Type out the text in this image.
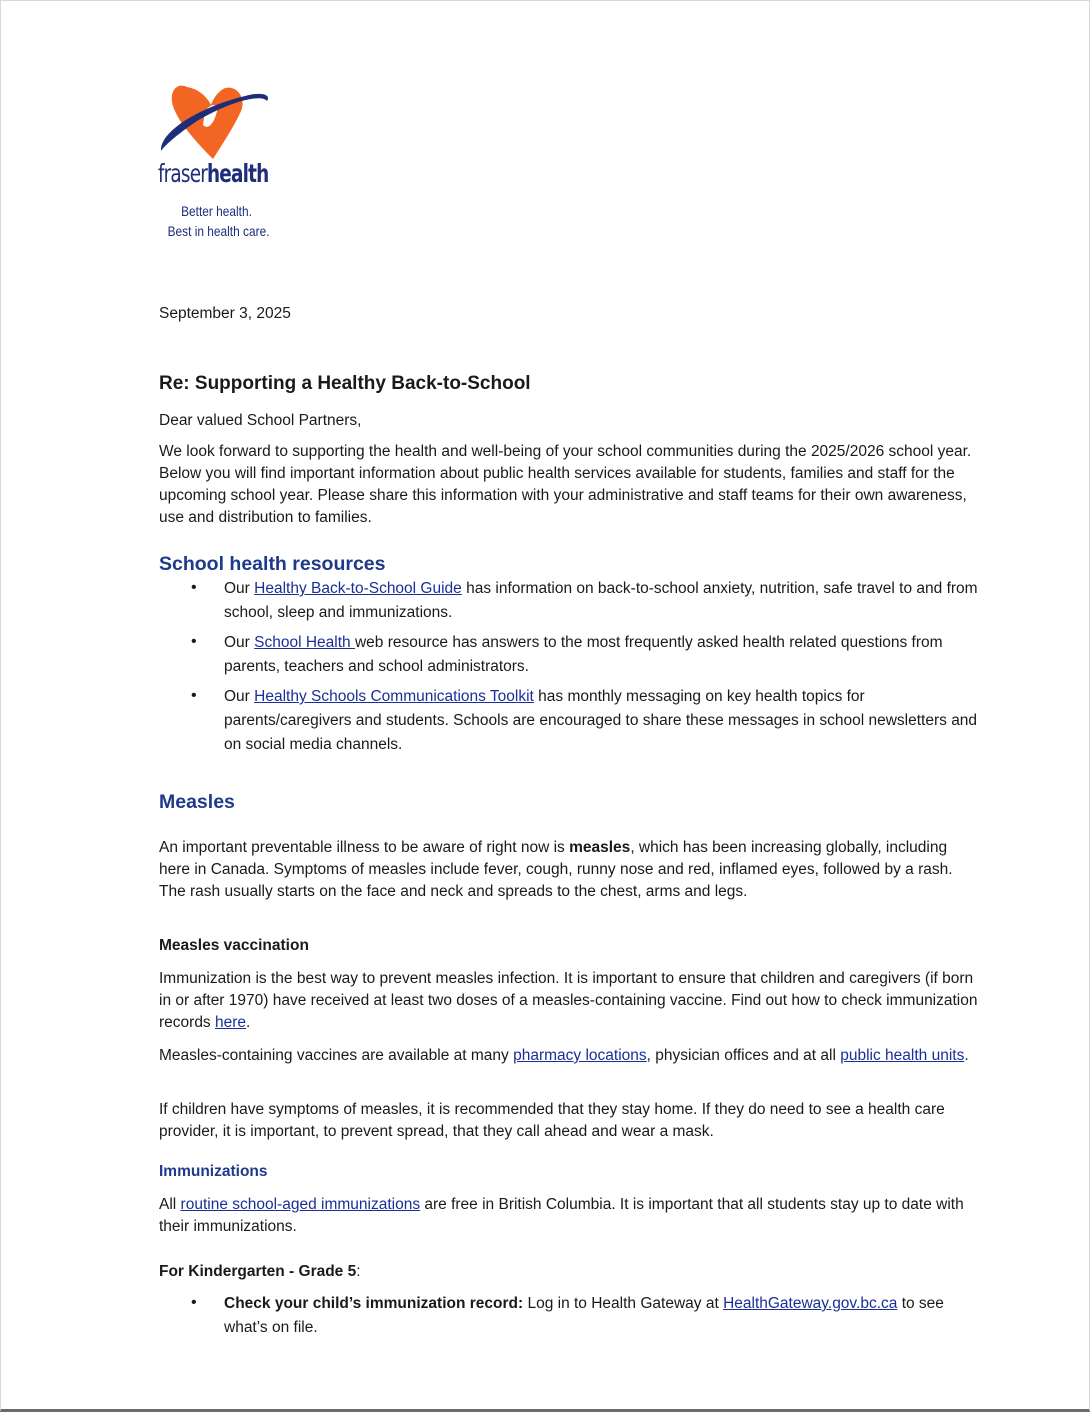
fraserhealth
Better health.
Best in health care.
September 3, 2025
Re: Supporting a Healthy Back-to-School
Dear valued School Partners,
We look forward to supporting the health and well-being of your school communities during the 2025/2026 school year. Below you will find important information about public health services available for students, families and staff for the upcoming school year. Please share this information with your administrative and staff teams for their own awareness, use and distribution to families.
School health resources
• Our Healthy Back-to-School Guide has information on back-to-school anxiety, nutrition, safe travel to and from school, sleep and immunizations.
• Our School Health web resource has answers to the most frequently asked health related questions from parents, teachers and school administrators.
• Our Healthy Schools Communications Toolkit has monthly messaging on key health topics for parents/caregivers and students. Schools are encouraged to share these messages in school newsletters and on social media channels.
Measles
An important preventable illness to be aware of right now is measles, which has been increasing globally, including here in Canada. Symptoms of measles include fever, cough, runny nose and red, inflamed eyes, followed by a rash. The rash usually starts on the face and neck and spreads to the chest, arms and legs.
Measles vaccination
Immunization is the best way to prevent measles infection. It is important to ensure that children and caregivers (if born in or after 1970) have received at least two doses of a measles-containing vaccine. Find out how to check immunization records here.
Measles-containing vaccines are available at many pharmacy locations, physician offices and at all public health units.
If children have symptoms of measles, it is recommended that they stay home. If they do need to see a health care provider, it is important, to prevent spread, that they call ahead and wear a mask.
Immunizations
All routine school-aged immunizations are free in British Columbia. It is important that all students stay up to date with their immunizations.
For Kindergarten - Grade 5:
• Check your child’s immunization record: Log in to Health Gateway at HealthGateway.gov.bc.ca to see what’s on file.
